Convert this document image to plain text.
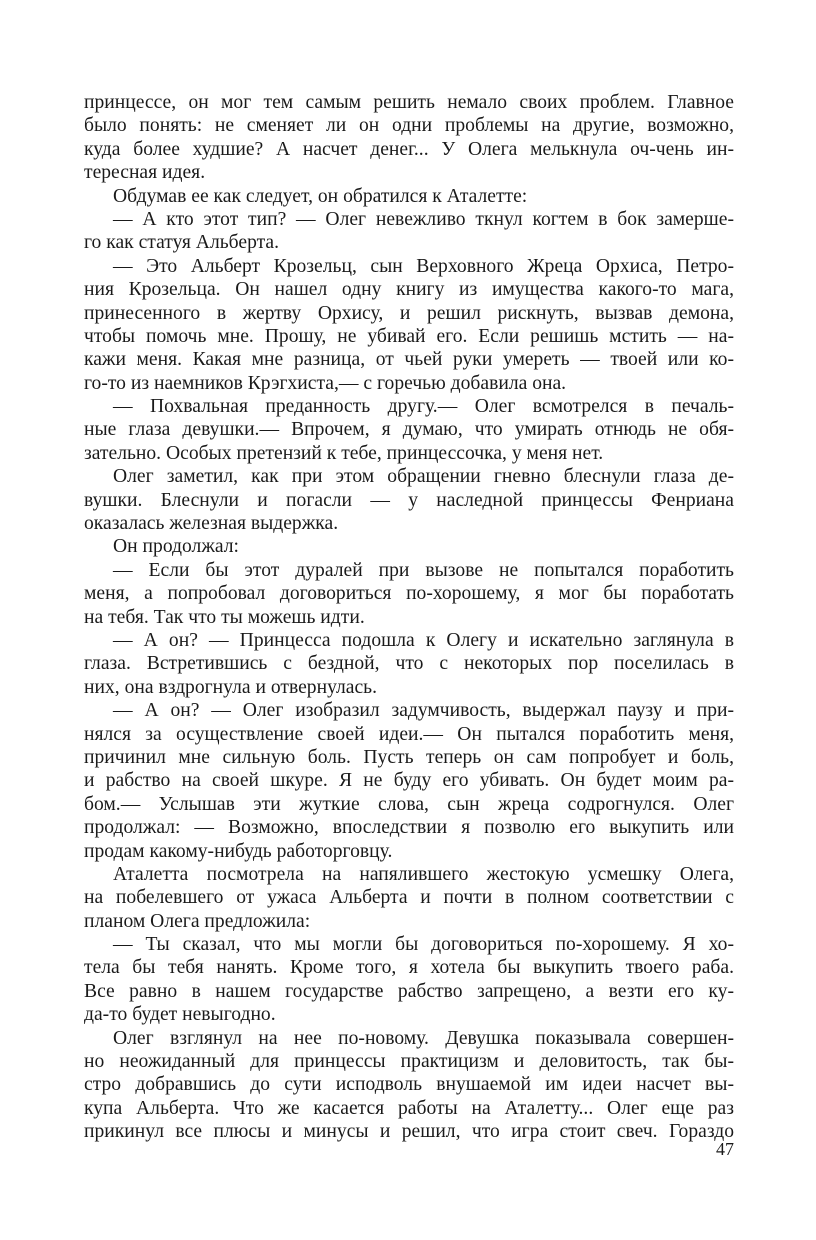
принцессе, он мог тем самым решить немало своих проблем. Главное
было понять: не сменяет ли он одни проблемы на другие, возможно,
куда более худшие? А насчет денег... У Олега мелькнула оч-чень ин-
тересная идея.
Обдумав ее как следует, он обратился к Аталетте:
— А кто этот тип? — Олег невежливо ткнул когтем в бок замерше-
го как статуя Альберта.
— Это Альберт Крозельц, сын Верховного Жреца Орхиса, Петро-
ния Крозельца. Он нашел одну книгу из имущества какого-то мага,
принесенного в жертву Орхису, и решил рискнуть, вызвав демона,
чтобы помочь мне. Прошу, не убивай его. Если решишь мстить — на-
кажи меня. Какая мне разница, от чьей руки умереть — твоей или ко-
го-то из наемников Крэгхиста,— с горечью добавила она.
— Похвальная преданность другу.— Олег всмотрелся в печаль-
ные глаза девушки.— Впрочем, я думаю, что умирать отнюдь не обя-
зательно. Особых претензий к тебе, принцессочка, у меня нет.
Олег заметил, как при этом обращении гневно блеснули глаза де-
вушки. Блеснули и погасли — у наследной принцессы Фенриана
оказалась железная выдержка.
Он продолжал:
— Если бы этот дуралей при вызове не попытался поработить
меня, а попробовал договориться по-хорошему, я мог бы поработать
на тебя. Так что ты можешь идти.
— А он? — Принцесса подошла к Олегу и искательно заглянула в
глаза. Встретившись с бездной, что с некоторых пор поселилась в
них, она вздрогнула и отвернулась.
— А он? — Олег изобразил задумчивость, выдержал паузу и при-
нялся за осуществление своей идеи.— Он пытался поработить меня,
причинил мне сильную боль. Пусть теперь он сам попробует и боль,
и рабство на своей шкуре. Я не буду его убивать. Он будет моим ра-
бом.— Услышав эти жуткие слова, сын жреца содрогнулся. Олег
продолжал: — Возможно, впоследствии я позволю его выкупить или
продам какому-нибудь работорговцу.
Аталетта посмотрела на напялившего жестокую усмешку Олега,
на побелевшего от ужаса Альберта и почти в полном соответствии с
планом Олега предложила:
— Ты сказал, что мы могли бы договориться по-хорошему. Я хо-
тела бы тебя нанять. Кроме того, я хотела бы выкупить твоего раба.
Все равно в нашем государстве рабство запрещено, а везти его ку-
да-то будет невыгодно.
Олег взглянул на нее по-новому. Девушка показывала совершен-
но неожиданный для принцессы практицизм и деловитость, так бы-
стро добравшись до сути исподволь внушаемой им идеи насчет вы-
купа Альберта. Что же касается работы на Аталетту... Олег еще раз
прикинул все плюсы и минусы и решил, что игра стоит свеч. Гораздо
47
